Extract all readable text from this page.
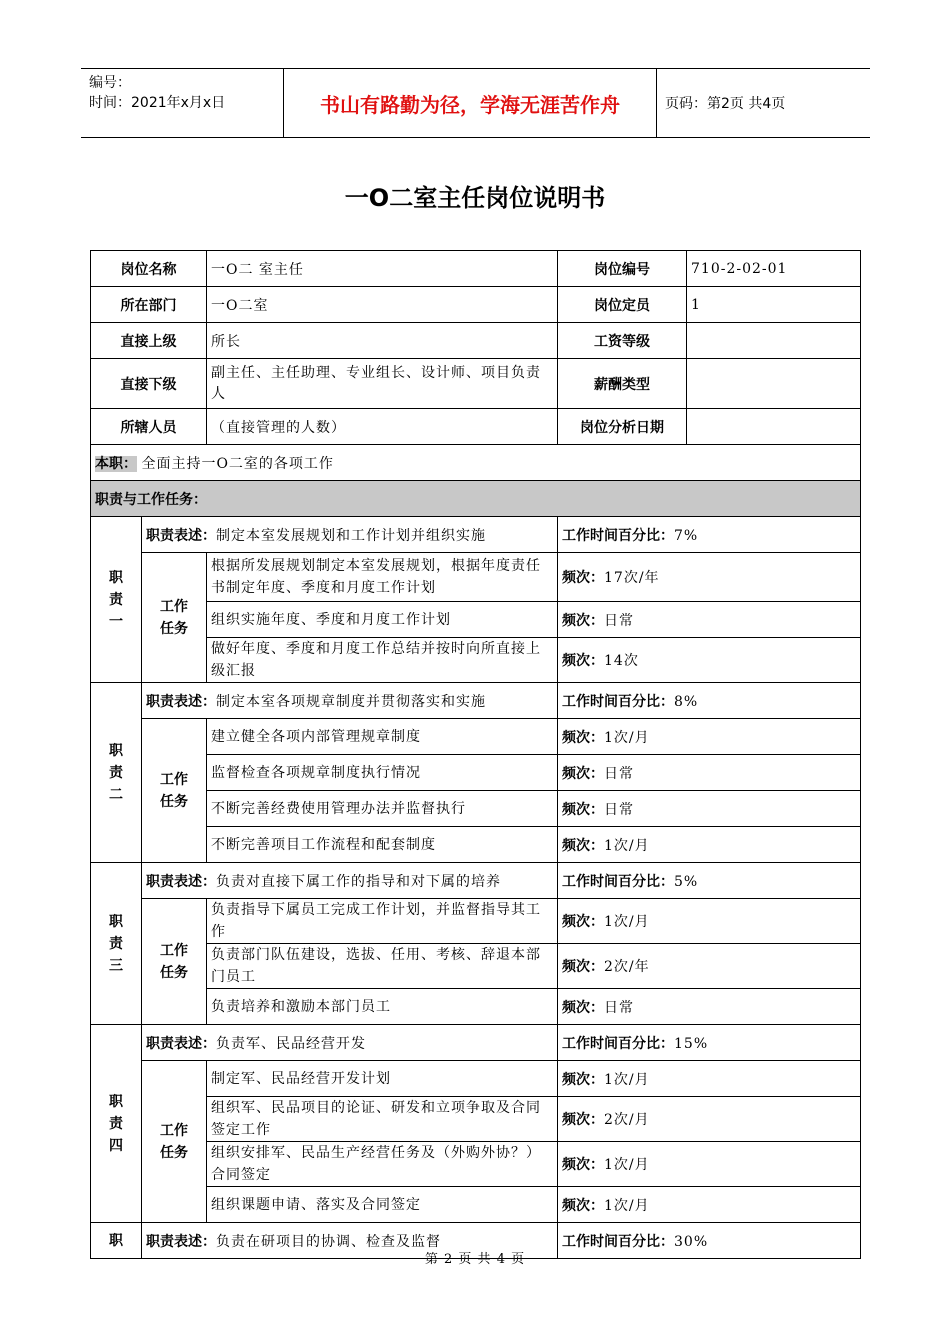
编号：
时间：2021年x月x日	书山有路勤为径，学海无涯苦作舟	页码：第2页 共4页
一O二室主任岗位说明书
岗位名称		一O二 室主任	岗位编号	710-2-02-01
所在部门		一O二室	岗位定员	1
直接上级		所长	工资等级	
直接下级		副主任、主任助理、专业组长、设计师、项目负责人	薪酬类型	
所辖人员		（直接管理的人数）	岗位分析日期	
本职： 全面主持一O二室的各项工作				
职责与工作任务：				
职责一	职责表述：制定本室发展规划和工作计划并组织实施		工作时间百分比：7%	
	工作任务	根据所发展规划制定本室发展规划，根据年度责任书制定年度、季度和月度工作计划	频次：17次/年	
		组织实施年度、季度和月度工作计划	频次：日常	
		做好年度、季度和月度工作总结并按时向所直接上级汇报	频次：14次	
职责二	职责表述：制定本室各项规章制度并贯彻落实和实施		工作时间百分比：8%	
	工作任务	建立健全各项内部管理规章制度	频次：1次/月	
		监督检查各项规章制度执行情况	频次：日常	
		不断完善经费使用管理办法并监督执行	频次：日常	
		不断完善项目工作流程和配套制度	频次：1次/月	
职责三	职责表述：负责对直接下属工作的指导和对下属的培养		工作时间百分比：5%	
	工作任务	负责指导下属员工完成工作计划，并监督指导其工作	频次：1次/月	
		负责部门队伍建设，选拔、任用、考核、辞退本部门员工	频次：2次/年	
		负责培养和激励本部门员工	频次：日常	
职责四	职责表述：负责军、民品经营开发		工作时间百分比：15%	
	工作任务	制定军、民品经营开发计划	频次：1次/月	
		组织军、民品项目的论证、研发和立项争取及合同签定工作	频次：2次/月	
		组织安排军、民品生产经营任务及（外购外协？）合同签定	频次：1次/月	
		组织课题申请、落实及合同签定	频次：1次/月	
职	职责表述：负责在研项目的协调、检查及监督		工作时间百分比：30%	
第 2 页 共 4 页
